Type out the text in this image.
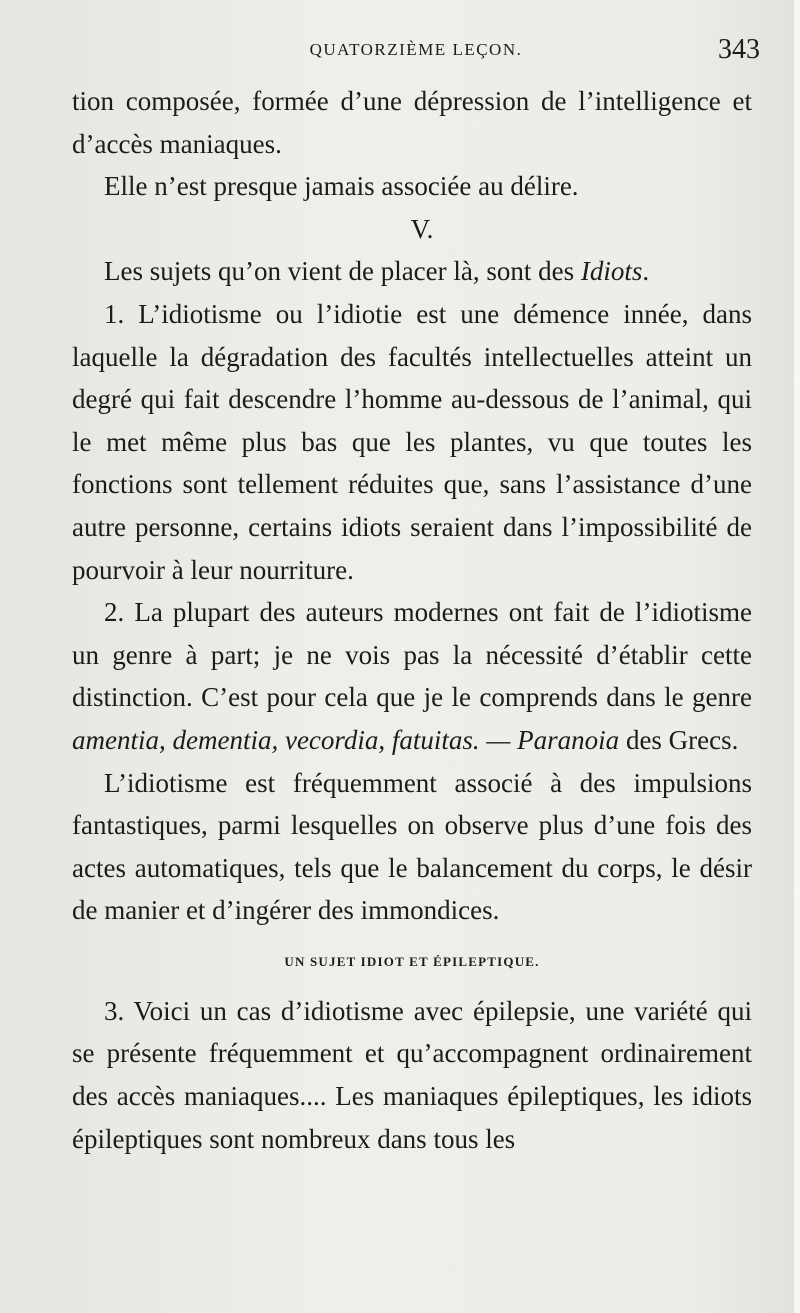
QUATORZIÈME LEÇON.	343

tion composée, formée d’une dépression de l’intelligence et d’accès maniaques.

Elle n’est presque jamais associée au délire.

V.

Les sujets qu’on vient de placer là, sont des Idiots.

1. L’idiotisme ou l’idiotie est une démence innée, dans laquelle la dégradation des facultés intellectuelles atteint un degré qui fait descendre l’homme au-dessous de l’animal, qui le met même plus bas que les plantes, vu que toutes les fonctions sont tellement réduites que, sans l’assistance d’une autre personne, certains idiots seraient dans l’impossibilité de pourvoir à leur nourriture.

2. La plupart des auteurs modernes ont fait de l’idiotisme un genre à part; je ne vois pas la nécessité d’établir cette distinction. C’est pour cela que je le comprends dans le genre amentia, dementia, vecordia, fatuitas. — Paranoia des Grecs.

L’idiotisme est fréquemment associé à des impulsions fantastiques, parmi lesquelles on observe plus d’une fois des actes automatiques, tels que le balancement du corps, le désir de manier et d’ingérer des immondices.

UN SUJET IDIOT ET ÉPILEPTIQUE.

3. Voici un cas d’idiotisme avec épilepsie, une variété qui se présente fréquemment et qu’accompagnent ordinairement des accès maniaques.... Les maniaques épileptiques, les idiots épileptiques sont nombreux dans tous les
